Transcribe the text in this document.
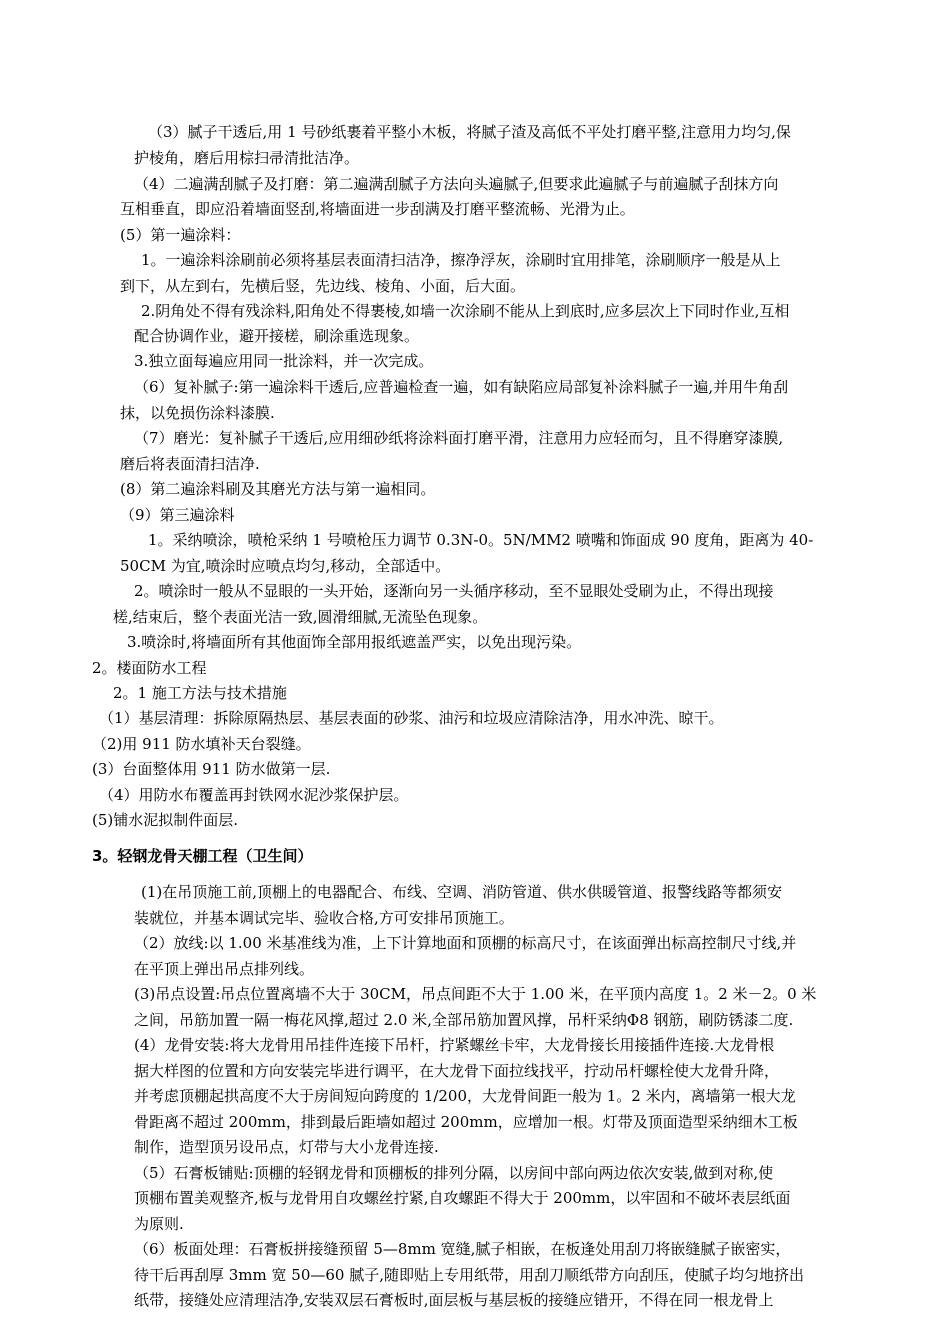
（3）腻子干透后,用 1 号砂纸裹着平整小木板，将腻子渣及高低不平处打磨平整,注意用力均匀,保

护棱角，磨后用棕扫帚清批洁净。

（4）二遍满刮腻子及打磨：第二遍满刮腻子方法向头遍腻子,但要求此遍腻子与前遍腻子刮抹方向

互相垂直，即应沿着墙面竖刮,将墙面进一步刮满及打磨平整流畅、光滑为止。

(5）第一遍涂料：

1。一遍涂料涂刷前必须将基层表面清扫洁净，擦净浮灰，涂刷时宜用排笔，涂刷顺序一般是从上

到下，从左到右，先横后竖，先边线、棱角、小面，后大面。

2.阴角处不得有残涂料,阳角处不得裹棱,如墙一次涂刷不能从上到底时,应多层次上下同时作业,互相

配合协调作业，避开接槎，刷涂重选现象。

3.独立面每遍应用同一批涂料，并一次完成。

（6）复补腻子:第一遍涂料干透后,应普遍检查一遍，如有缺陷应局部复补涂料腻子一遍,并用牛角刮

抹，以免损伤涂料漆膜.

（7）磨光：复补腻子干透后,应用细砂纸将涂料面打磨平滑，注意用力应轻而匀，且不得磨穿漆膜,

磨后将表面清扫洁净.

(8）第二遍涂料刷及其磨光方法与第一遍相同。

（9）第三遍涂料

1。采纳喷涂，喷枪采纳 1 号喷枪压力调节 0.3N-0。5N/MM2 喷嘴和饰面成 90 度角，距离为 40-

50CM 为宜,喷涂时应喷点均匀,移动，全部适中。

2。喷涂时一般从不显眼的一头开始，逐渐向另一头循序移动，至不显眼处受刷为止，不得出现接

槎,结束后，整个表面光洁一致,圆滑细腻,无流坠色现象。

3.喷涂时,将墙面所有其他面饰全部用报纸遮盖严实，以免出现污染。

2。楼面防水工程

2。1 施工方法与技术措施

（1）基层清理：拆除原隔热层、基层表面的砂浆、油污和垃圾应清除洁净，用水冲洗、晾干。

（2)用 911 防水填补天台裂缝。

(3）台面整体用 911 防水做第一层.

（4）用防水布覆盖再封铁网水泥沙浆保护层。

(5)铺水泥拟制件面层.

3。轻钢龙骨天棚工程（卫生间）

(1)在吊顶施工前,顶棚上的电器配合、布线、空调、消防管道、供水供暖管道、报警线路等都须安

装就位，并基本调试完毕、验收合格,方可安排吊顶施工。

（2）放线:以 1.00 米基准线为准，上下计算地面和顶棚的标高尺寸，在该面弹出标高控制尺寸线,并

在平顶上弹出吊点排列线。

(3)吊点设置:吊点位置离墙不大于 30CM，吊点间距不大于 1.00 米，在平顶内高度 1。2 米－2。0 米

之间，吊筋加置一隔一梅花风撑,超过 2.0 米,全部吊筋加置风撑，吊杆采纳Φ8 钢筋，刷防锈漆二度.

(4）龙骨安装:将大龙骨用吊挂件连接下吊杆，拧紧螺丝卡牢，大龙骨接长用接插件连接.大龙骨根

据大样图的位置和方向安装完毕进行调平，在大龙骨下面拉线找平，拧动吊杆螺栓使大龙骨升降，

并考虑顶棚起拱高度不大于房间短向跨度的 1/200，大龙骨间距一般为 1。2 米内，离墙第一根大龙

骨距离不超过 200mm，排到最后距墙如超过 200mm，应增加一根。灯带及顶面造型采纳细木工板

制作，造型顶另设吊点，灯带与大小龙骨连接.

（5）石膏板铺贴:顶棚的轻钢龙骨和顶棚板的排列分隔，以房间中部向两边依次安装,做到对称,使

顶棚布置美观整齐,板与龙骨用自攻螺丝拧紧,自攻螺距不得大于 200mm，以牢固和不破坏表层纸面

为原则.

（6）板面处理：石膏板拼接缝预留 5—8mm 宽缝,腻子相嵌，在板逢处用刮刀将嵌缝腻子嵌密实，

待干后再刮厚 3mm 宽 50—60 腻子,随即贴上专用纸带，用刮刀顺纸带方向刮压，使腻子均匀地挤出

纸带，接缝处应清理洁净,安装双层石膏板时,面层板与基层板的接缝应错开，不得在同一根龙骨上
